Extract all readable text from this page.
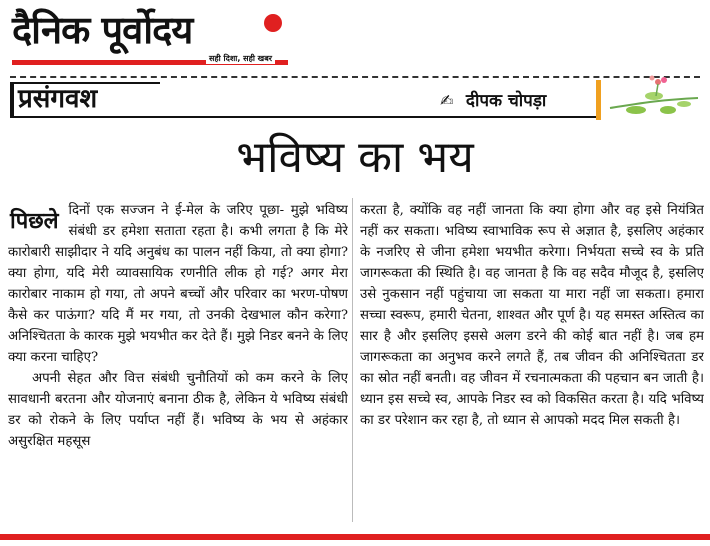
दैनिक पूर्वोदय
सही दिशा, सही खबर
प्रसंगवश	✍ दीपक चोपड़ा
भविष्य का भय

पिछले दिनों एक सज्जन ने ई-मेल के जरिए पूछा- मुझे भविष्य संबंधी डर हमेशा सताता रहता है। कभी लगता है कि मेरे कारोबारी साझीदार ने यदि अनुबंध का पालन नहीं किया, तो क्या होगा? क्या होगा, यदि मेरी व्यावसायिक रणनीति लीक हो गई? अगर मेरा कारोबार नाकाम हो गया, तो अपने बच्चों और परिवार का भरण-पोषण कैसे कर पाऊंगा? यदि मैं मर गया, तो उनकी देखभाल कौन करेगा? अनिश्चितता के कारक मुझे भयभीत कर देते हैं। मुझे निडर बनने के लिए क्या करना चाहिए?

अपनी सेहत और वित्त संबंधी चुनौतियों को कम करने के लिए सावधानी बरतना और योजनाएं बनाना ठीक है, लेकिन ये भविष्य संबंधी डर को रोकने के लिए पर्याप्त नहीं हैं। भविष्य के भय से अहंकार असुरक्षित महसूस

करता है, क्योंकि वह नहीं जानता कि क्या होगा और वह इसे नियंत्रित नहीं कर सकता। भविष्य स्वाभाविक रूप से अज्ञात है, इसलिए अहंकार के नजरिए से जीना हमेशा भयभीत करेगा। निर्भयता सच्चे स्व के प्रति जागरूकता की स्थिति है। वह जानता है कि वह सदैव मौजूद है, इसलिए उसे नुकसान नहीं पहुंचाया जा सकता या मारा नहीं जा सकता। हमारा सच्चा स्वरूप, हमारी चेतना, शाश्वत और पूर्ण है। यह समस्त अस्तित्व का सार है और इसलिए इससे अलग डरने की कोई बात नहीं है। जब हम जागरूकता का अनुभव करने लगते हैं, तब जीवन की अनिश्चितता डर का स्रोत नहीं बनती। वह जीवन में रचनात्मकता की पहचान बन जाती है। ध्यान इस सच्चे स्व, आपके निडर स्व को विकसित करता है। यदि भविष्य का डर परेशान कर रहा है, तो ध्यान से आपको मदद मिल सकती है।
